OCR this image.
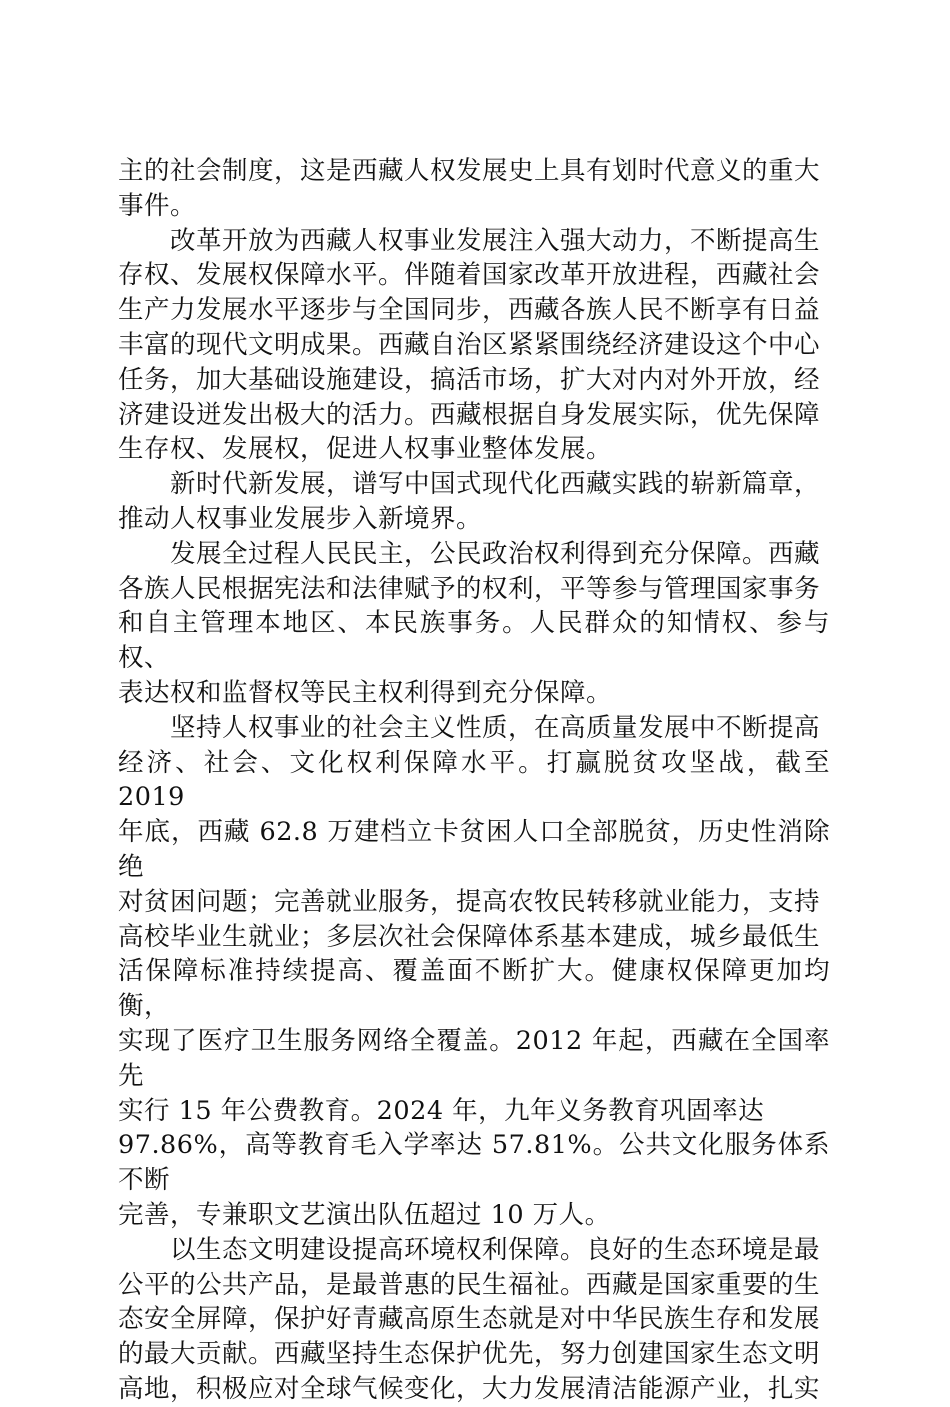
主的社会制度，这是西藏人权发展史上具有划时代意义的重大
事件。

改革开放为西藏人权事业发展注入强大动力，不断提高生
存权、发展权保障水平。伴随着国家改革开放进程，西藏社会
生产力发展水平逐步与全国同步，西藏各族人民不断享有日益
丰富的现代文明成果。西藏自治区紧紧围绕经济建设这个中心
任务，加大基础设施建设，搞活市场，扩大对内对外开放，经
济建设迸发出极大的活力。西藏根据自身发展实际，优先保障
生存权、发展权，促进人权事业整体发展。

新时代新发展，谱写中国式现代化西藏实践的崭新篇章，
推动人权事业发展步入新境界。

发展全过程人民民主，公民政治权利得到充分保障。西藏
各族人民根据宪法和法律赋予的权利，平等参与管理国家事务
和自主管理本地区、本民族事务。人民群众的知情权、参与权、
表达权和监督权等民主权利得到充分保障。

坚持人权事业的社会主义性质，在高质量发展中不断提高
经济、社会、文化权利保障水平。打赢脱贫攻坚战，截至 2019
年底，西藏 62.8 万建档立卡贫困人口全部脱贫，历史性消除绝
对贫困问题；完善就业服务，提高农牧民转移就业能力，支持
高校毕业生就业；多层次社会保障体系基本建成，城乡最低生
活保障标准持续提高、覆盖面不断扩大。健康权保障更加均衡，
实现了医疗卫生服务网络全覆盖。2012 年起，西藏在全国率先
实行 15 年公费教育。2024 年，九年义务教育巩固率达
97.86%，高等教育毛入学率达 57.81%。公共文化服务体系不断
完善，专兼职文艺演出队伍超过 10 万人。

以生态文明建设提高环境权利保障。良好的生态环境是最
公平的公共产品，是最普惠的民生福祉。西藏是国家重要的生
态安全屏障，保护好青藏高原生态就是对中华民族生存和发展
的最大贡献。西藏坚持生态保护优先，努力创建国家生态文明
高地，积极应对全球气候变化，大力发展清洁能源产业，扎实
